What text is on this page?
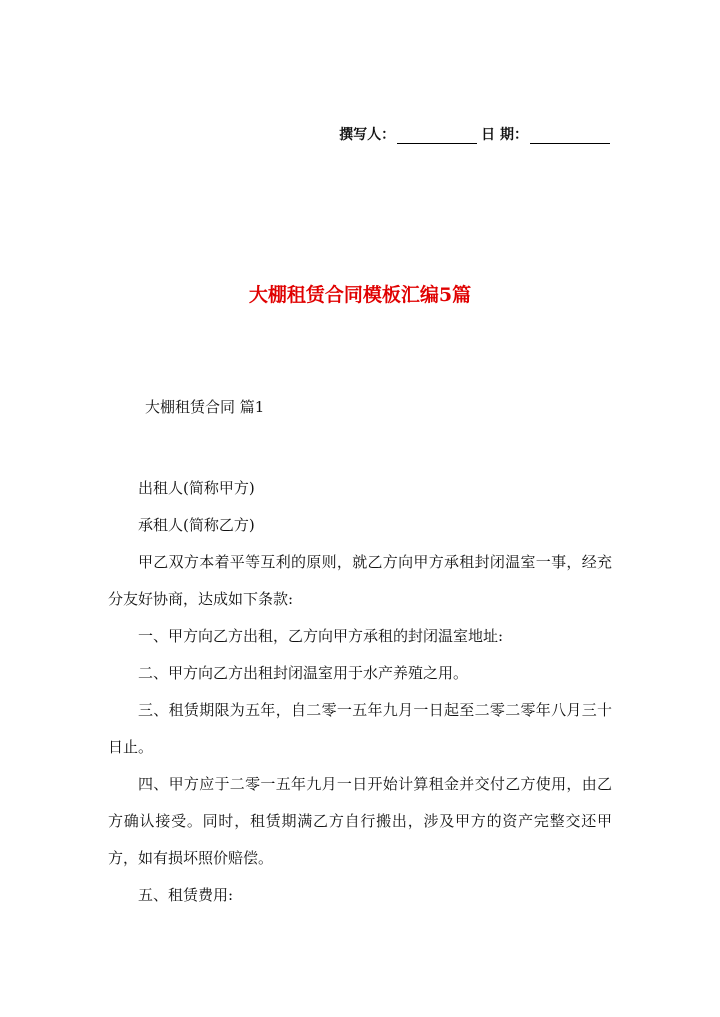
撰写人：	日 期：
大棚租赁合同模板汇编5篇
大棚租赁合同 篇1

出租人(简称甲方)

承租人(简称乙方)

甲乙双方本着平等互利的原则，就乙方向甲方承租封闭温室一事，经充分友好协商，达成如下条款:

一、甲方向乙方出租，乙方向甲方承租的封闭温室地址:

二、甲方向乙方出租封闭温室用于水产养殖之用。

三、租赁期限为五年，自二零一五年九月一日起至二零二零年八月三十日止。

四、甲方应于二零一五年九月一日开始计算租金并交付乙方使用，由乙方确认接受。同时，租赁期满乙方自行搬出，涉及甲方的资产完整交还甲方，如有损坏照价赔偿。

五、租赁费用:
